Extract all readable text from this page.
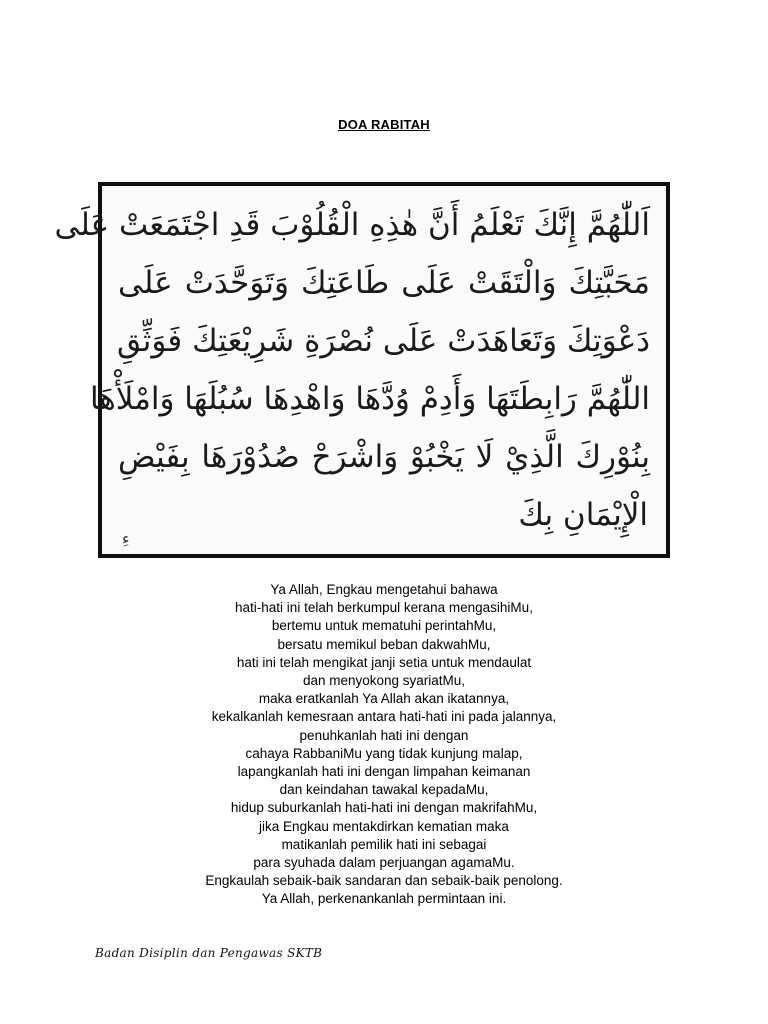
DOA RABITAH
اَللّٰهُمَّ إِنَّكَ تَعْلَمُ أَنَّ هٰذِهِ الْقُلُوْبَ قَدِ اجْتَمَعَتْ عَلَى
مَحَبَّتِكَ وَالْتَقَتْ عَلَى طَاعَتِكَ وَتَوَحَّدَتْ عَلَى
دَعْوَتِكَ وَتَعَاهَدَتْ عَلَى نُصْرَةِ شَرِيْعَتِكَ فَوَثِّقِ
اللّٰهُمَّ رَابِطَتَهَا وَأَدِمْ وُدَّهَا وَاهْدِهَا سُبُلَهَا وَامْلَأْهَا
بِنُوْرِكَ الَّذِيْ لَا يَخْبُوْ وَاشْرَحْ صُدُوْرَهَا بِفَيْضِ
الْإِيْمَانِ بِكَ
ءِ
Ya Allah, Engkau mengetahui bahawa
hati-hati ini telah berkumpul kerana mengasihiMu,
bertemu untuk mematuhi perintahMu,
bersatu memikul beban dakwahMu,
hati ini telah mengikat janji setia untuk mendaulat
dan menyokong syariatMu,
maka eratkanlah Ya Allah akan ikatannya,
kekalkanlah kemesraan antara hati-hati ini pada jalannya,
penuhkanlah hati ini dengan
cahaya RabbaniMu yang tidak kunjung malap,
lapangkanlah hati ini dengan limpahan keimanan
dan keindahan tawakal kepadaMu,
hidup suburkanlah hati-hati ini dengan makrifahMu,
jika Engkau mentakdirkan kematian maka
matikanlah pemilik hati ini sebagai
para syuhada dalam perjuangan agamaMu.
Engkaulah sebaik-baik sandaran dan sebaik-baik penolong.
Ya Allah, perkenankanlah permintaan ini.
Badan Disiplin dan Pengawas SKTB
